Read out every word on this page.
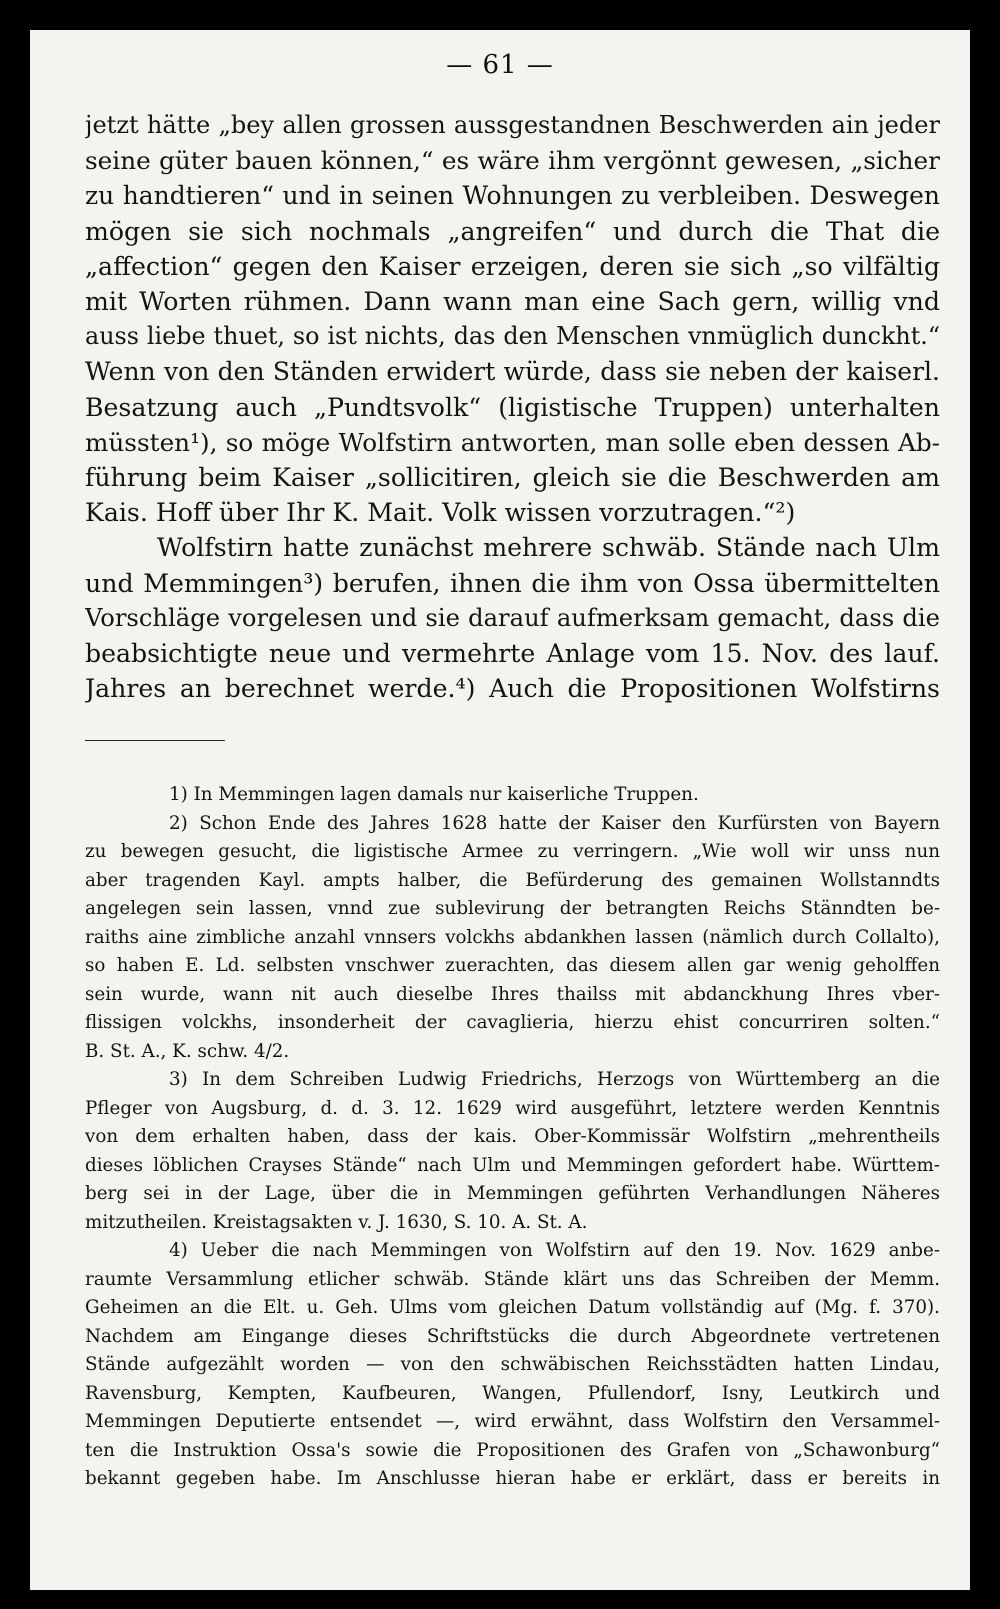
— 61 —
jetzt hätte „bey allen grossen aussgestandnen Beschwerden ain jeder
seine güter bauen können,“ es wäre ihm vergönnt gewesen, „sicher
zu handtieren“ und in seinen Wohnungen zu verbleiben. Deswegen
mögen sie sich nochmals „angreifen“ und durch die That die
„affection“ gegen den Kaiser erzeigen, deren sie sich „so vilfältig
mit Worten rühmen. Dann wann man eine Sach gern, willig vnd
auss liebe thuet, so ist nichts, das den Menschen vnmüglich dunckht.“
Wenn von den Ständen erwidert würde, dass sie neben der kaiserl.
Besatzung auch „Pundtsvolk“ (ligistische Truppen) unterhalten
müssten¹), so möge Wolfstirn antworten, man solle eben dessen Ab-
führung beim Kaiser „sollicitiren, gleich sie die Beschwerden am
Kais. Hoff über Ihr K. Mait. Volk wissen vorzutragen.“²)
Wolfstirn hatte zunächst mehrere schwäb. Stände nach Ulm
und Memmingen³) berufen, ihnen die ihm von Ossa übermittelten
Vorschläge vorgelesen und sie darauf aufmerksam gemacht, dass die
beabsichtigte neue und vermehrte Anlage vom 15. Nov. des lauf.
Jahres an berechnet werde.⁴) Auch die Propositionen Wolfstirns
1) In Memmingen lagen damals nur kaiserliche Truppen.
2) Schon Ende des Jahres 1628 hatte der Kaiser den Kurfürsten von Bayern
zu bewegen gesucht, die ligistische Armee zu verringern. „Wie woll wir unss nun
aber tragenden Kayl. ampts halber, die Befürderung des gemainen Wollstanndts
angelegen sein lassen, vnnd zue sublevirung der betrangten Reichs Stänndten be-
raiths aine zimbliche anzahl vnnsers volckhs abdankhen lassen (nämlich durch Collalto),
so haben E. Ld. selbsten vnschwer zuerachten, das diesem allen gar wenig geholffen
sein wurde, wann nit auch dieselbe Ihres thailss mit abdanckhung Ihres vber-
flissigen volckhs, insonderheit der cavaglieria, hierzu ehist concurriren solten.“
B. St. A., K. schw. 4/2.
3) In dem Schreiben Ludwig Friedrichs, Herzogs von Württemberg an die
Pfleger von Augsburg, d. d. 3. 12. 1629 wird ausgeführt, letztere werden Kenntnis
von dem erhalten haben, dass der kais. Ober-Kommissär Wolfstirn „mehrentheils
dieses löblichen Crayses Stände“ nach Ulm und Memmingen gefordert habe. Württem-
berg sei in der Lage, über die in Memmingen geführten Verhandlungen Näheres
mitzutheilen. Kreistagsakten v. J. 1630, S. 10. A. St. A.
4) Ueber die nach Memmingen von Wolfstirn auf den 19. Nov. 1629 anbe-
raumte Versammlung etlicher schwäb. Stände klärt uns das Schreiben der Memm.
Geheimen an die Elt. u. Geh. Ulms vom gleichen Datum vollständig auf (Mg. f. 370).
Nachdem am Eingange dieses Schriftstücks die durch Abgeordnete vertretenen
Stände aufgezählt worden — von den schwäbischen Reichsstädten hatten Lindau,
Ravensburg, Kempten, Kaufbeuren, Wangen, Pfullendorf, Isny, Leutkirch und
Memmingen Deputierte entsendet —, wird erwähnt, dass Wolfstirn den Versammel-
ten die Instruktion Ossa's sowie die Propositionen des Grafen von „Schawonburg“
bekannt gegeben habe. Im Anschlusse hieran habe er erklärt, dass er bereits in
